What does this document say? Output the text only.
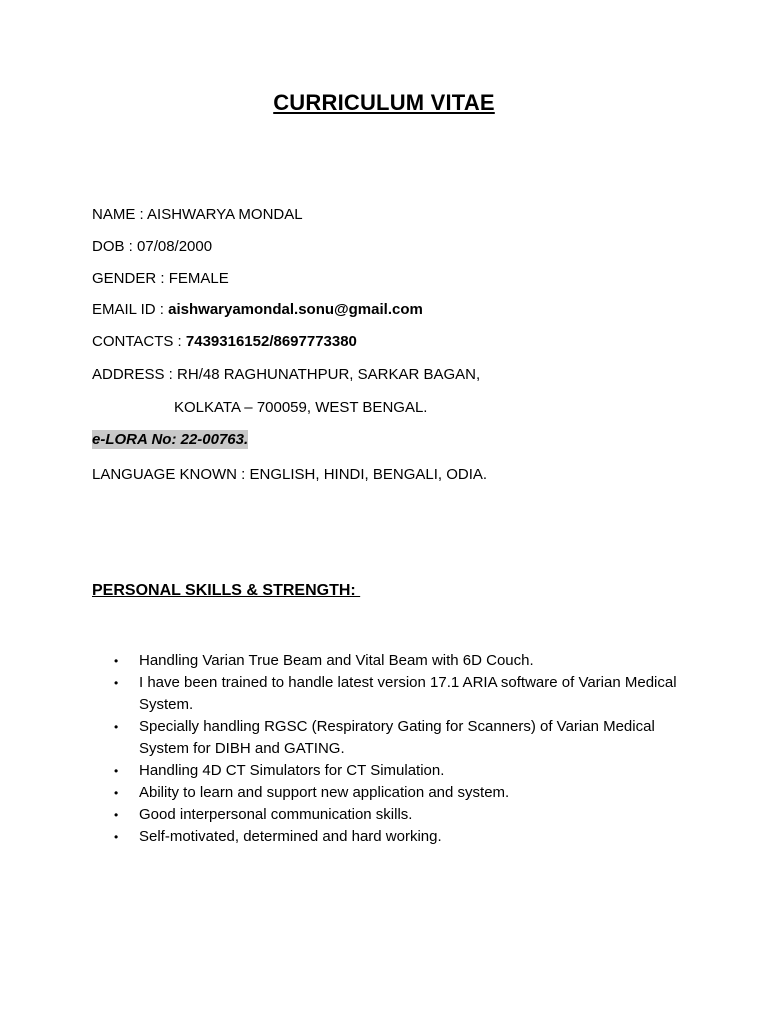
CURRICULUM VITAE
NAME : AISHWARYA MONDAL
DOB : 07/08/2000
GENDER : FEMALE
EMAIL ID : aishwaryamondal.sonu@gmail.com
CONTACTS : 7439316152/8697773380
ADDRESS : RH/48 RAGHUNATHPUR, SARKAR BAGAN,
KOLKATA – 700059, WEST BENGAL.
e-LORA No: 22-00763.
LANGUAGE KNOWN : ENGLISH, HINDI, BENGALI, ODIA.
PERSONAL SKILLS & STRENGTH:
• Handling Varian True Beam and Vital Beam with 6D Couch.
• I have been trained to handle latest version 17.1 ARIA software of Varian Medical System.
• Specially handling RGSC (Respiratory Gating for Scanners) of Varian Medical System for DIBH and GATING.
• Handling 4D CT Simulators for CT Simulation.
• Ability to learn and support new application and system.
• Good interpersonal communication skills.
• Self-motivated, determined and hard working.
